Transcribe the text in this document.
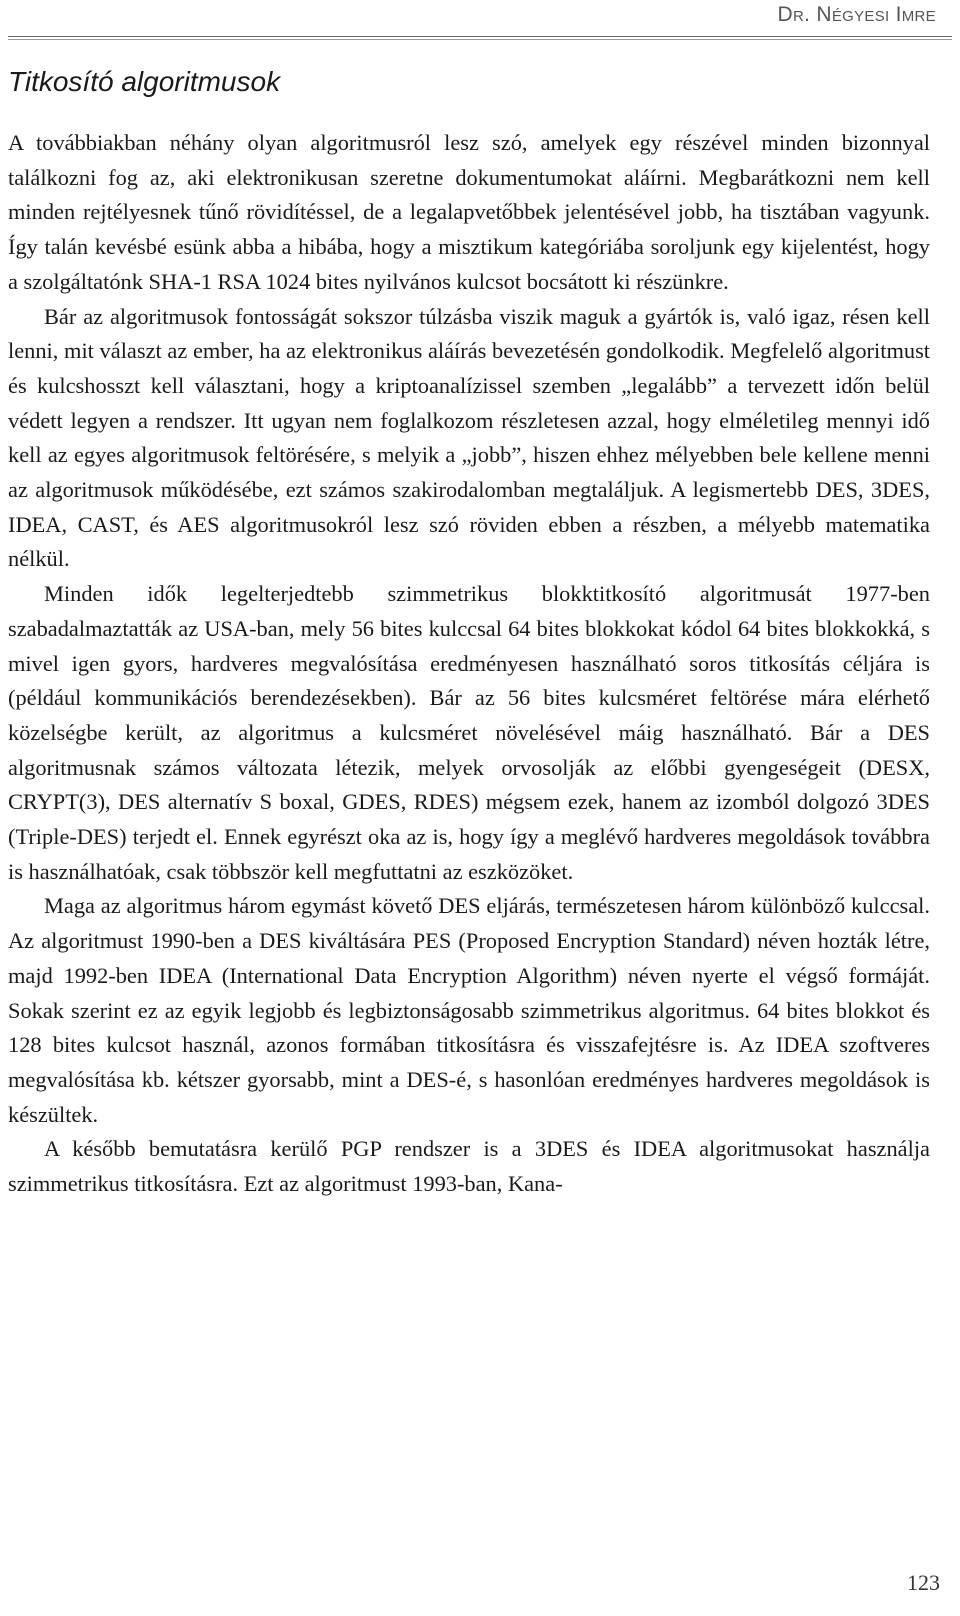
Dr. Négyesi Imre
Titkosító algoritmusok

A továbbiakban néhány olyan algoritmusról lesz szó, amelyek egy részével minden bizonnyal találkozni fog az, aki elektronikusan szeretne dokumentumokat aláírni. Megbarátkozni nem kell minden rejtélyesnek tűnő rövidítéssel, de a legalapvetőbbek jelentésével jobb, ha tisztában vagyunk. Így talán kevésbé esünk abba a hibába, hogy a misztikum kategóriába soroljunk egy kijelentést, hogy a szolgáltatónk SHA-1 RSA 1024 bites nyilvános kulcsot bocsátott ki részünkre.

Bár az algoritmusok fontosságát sokszor túlzásba viszik maguk a gyártók is, való igaz, résen kell lenni, mit választ az ember, ha az elektronikus aláírás bevezetésén gondolkodik. Megfelelő algoritmust és kulcshosszt kell választani, hogy a kriptoanalízissel szemben „legalább” a tervezett időn belül védett legyen a rendszer. Itt ugyan nem foglalkozom részletesen azzal, hogy elméletileg mennyi idő kell az egyes algoritmusok feltörésére, s melyik a „jobb”, hiszen ehhez mélyebben bele kellene menni az algoritmusok működésébe, ezt számos szakirodalomban megtaláljuk. A legismertebb DES, 3DES, IDEA, CAST, és AES algoritmusokról lesz szó röviden ebben a részben, a mélyebb matematika nélkül.

Minden idők legelterjedtebb szimmetrikus blokktitkosító algoritmusát 1977-ben szabadalmaztatták az USA-ban, mely 56 bites kulccsal 64 bites blokkokat kódol 64 bites blokkokká, s mivel igen gyors, hardveres megvalósítása eredményesen használható soros titkosítás céljára is (például kommunikációs berendezésekben). Bár az 56 bites kulcsméret feltörése mára elérhető közelségbe került, az algoritmus a kulcsméret növelésével máig használható. Bár a DES algoritmusnak számos változata létezik, melyek orvosolják az előbbi gyengeségeit (DESX, CRYPT(3), DES alternatív S boxal, GDES, RDES) mégsem ezek, hanem az izomból dolgozó 3DES (Triple-DES) terjedt el. Ennek egyrészt oka az is, hogy így a meglévő hardveres megoldások továbbra is használhatóak, csak többször kell megfuttatni az eszközöket.

Maga az algoritmus három egymást követő DES eljárás, természetesen három különböző kulccsal. Az algoritmust 1990-ben a DES kiváltására PES (Proposed Encryption Standard) néven hozták létre, majd 1992-ben IDEA (International Data Encryption Algorithm) néven nyerte el végső formáját. Sokak szerint ez az egyik legjobb és legbiztonságosabb szimmetrikus algoritmus. 64 bites blokkot és 128 bites kulcsot használ, azonos formában titkosításra és visszafejtésre is. Az IDEA szoftveres megvalósítása kb. kétszer gyorsabb, mint a DES-é, s hasonlóan eredményes hardveres megoldások is készültek.

A később bemutatásra kerülő PGP rendszer is a 3DES és IDEA algoritmusokat használja szimmetrikus titkosításra. Ezt az algoritmust 1993-ban, Kana-

123
